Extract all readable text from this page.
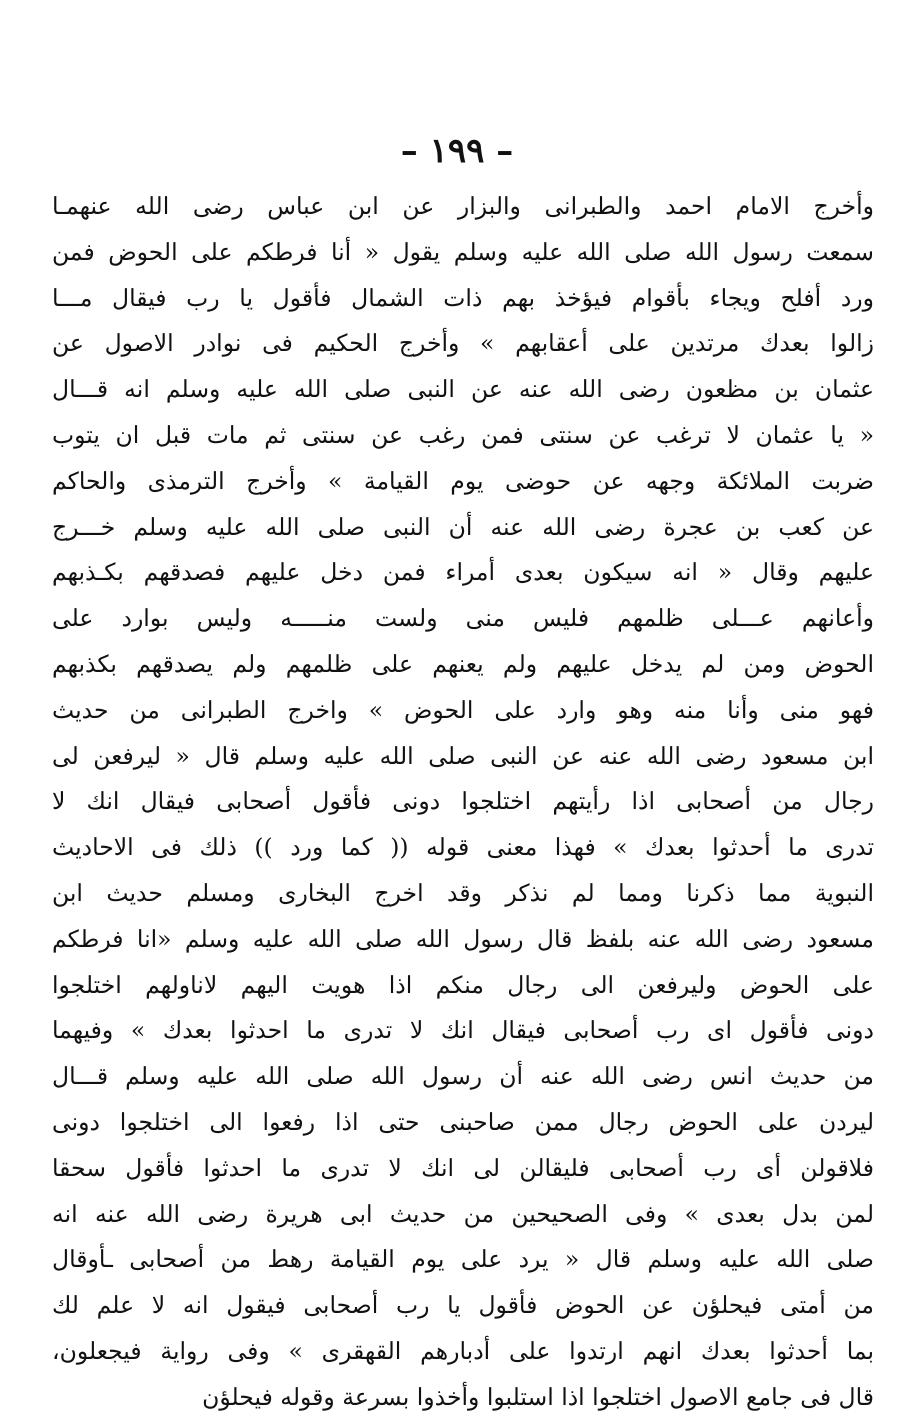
– ١٩٩ –
وأخرج الامام احمد والطبرانى والبزار عن ابن عباس رضى الله عنهمـا
سمعت رسول الله صلى الله عليه وسلم يقول « أنا فرطكم على الحوض فمن
ورد أفلح ويجاء بأقوام فيؤخذ بهم ذات الشمال فأقول يا رب فيقال مـــا
زالوا بعدك مرتدين على أعقابهم » وأخرج الحكيم فى نوادر الاصول عن
عثمان بن مظعون رضى الله عنه عن النبى صلى الله عليه وسلم انه قـــال
« يا عثمان لا ترغب عن سنتى فمن رغب عن سنتى ثم مات قبل ان يتوب
ضربت الملائكة وجهه عن حوضى يوم القيامة » وأخرج الترمذى والحاكم
عن كعب بن عجرة رضى الله عنه أن النبى صلى الله عليه وسلم خـــرج
عليهم وقال « انه سيكون بعدى أمراء فمن دخل عليهم فصدقهم بكـذبهم
وأعانهم عـــلى ظلمهم فليس منى ولست منـــــه وليس بوارد على
الحوض ومن لم يدخل عليهم ولم يعنهم على ظلمهم ولم يصدقهم بكذبهم
فهو منى وأنا منه وهو وارد على الحوض » واخرج الطبرانى من حديث
ابن مسعود رضى الله عنه عن النبى صلى الله عليه وسلم قال « ليرفعن لى
رجال من أصحابى اذا رأيتهم اختلجوا دونى فأقول أصحابى فيقال انك لا
تدرى ما أحدثوا بعدك » فهذا معنى قوله (( كما ورد )) ذلك فى الاحاديث
النبوية مما ذكرنا ومما لم نذكر وقد اخرج البخارى ومسلم حديث ابن
مسعود رضى الله عنه بلفظ قال رسول الله صلى الله عليه وسلم «انا فرطكم
على الحوض وليرفعن الى رجال منكم اذا هويت اليهم لاناولهم اختلجوا
دونى فأقول اى رب أصحابى فيقال انك لا تدرى ما احدثوا بعدك » وفيهما
من حديث انس رضى الله عنه أن رسول الله صلى الله عليه وسلم قـــال
ليردن على الحوض رجال ممن صاحبنى حتى اذا رفعوا الى اختلجوا دونى
فلاقولن أى رب أصحابى فليقالن لى انك لا تدرى ما احدثوا فأقول سحقا
لمن بدل بعدى » وفى الصحيحين من حديث ابى هريرة رضى الله عنه انه
صلى الله عليه وسلم قال « يرد على يوم القيامة رهط من أصحابى ـأوقال
من أمتى فيحلؤن عن الحوض فأقول يا رب أصحابى فيقول انه لا علم لك
بما أحدثوا بعدك انهم ارتدوا على أدبارهم القهقرى » وفى رواية فيجعلون،
قال فى جامع الاصول اختلجوا اذا استلبوا وأخذوا بسرعة وقوله فيحلؤن
